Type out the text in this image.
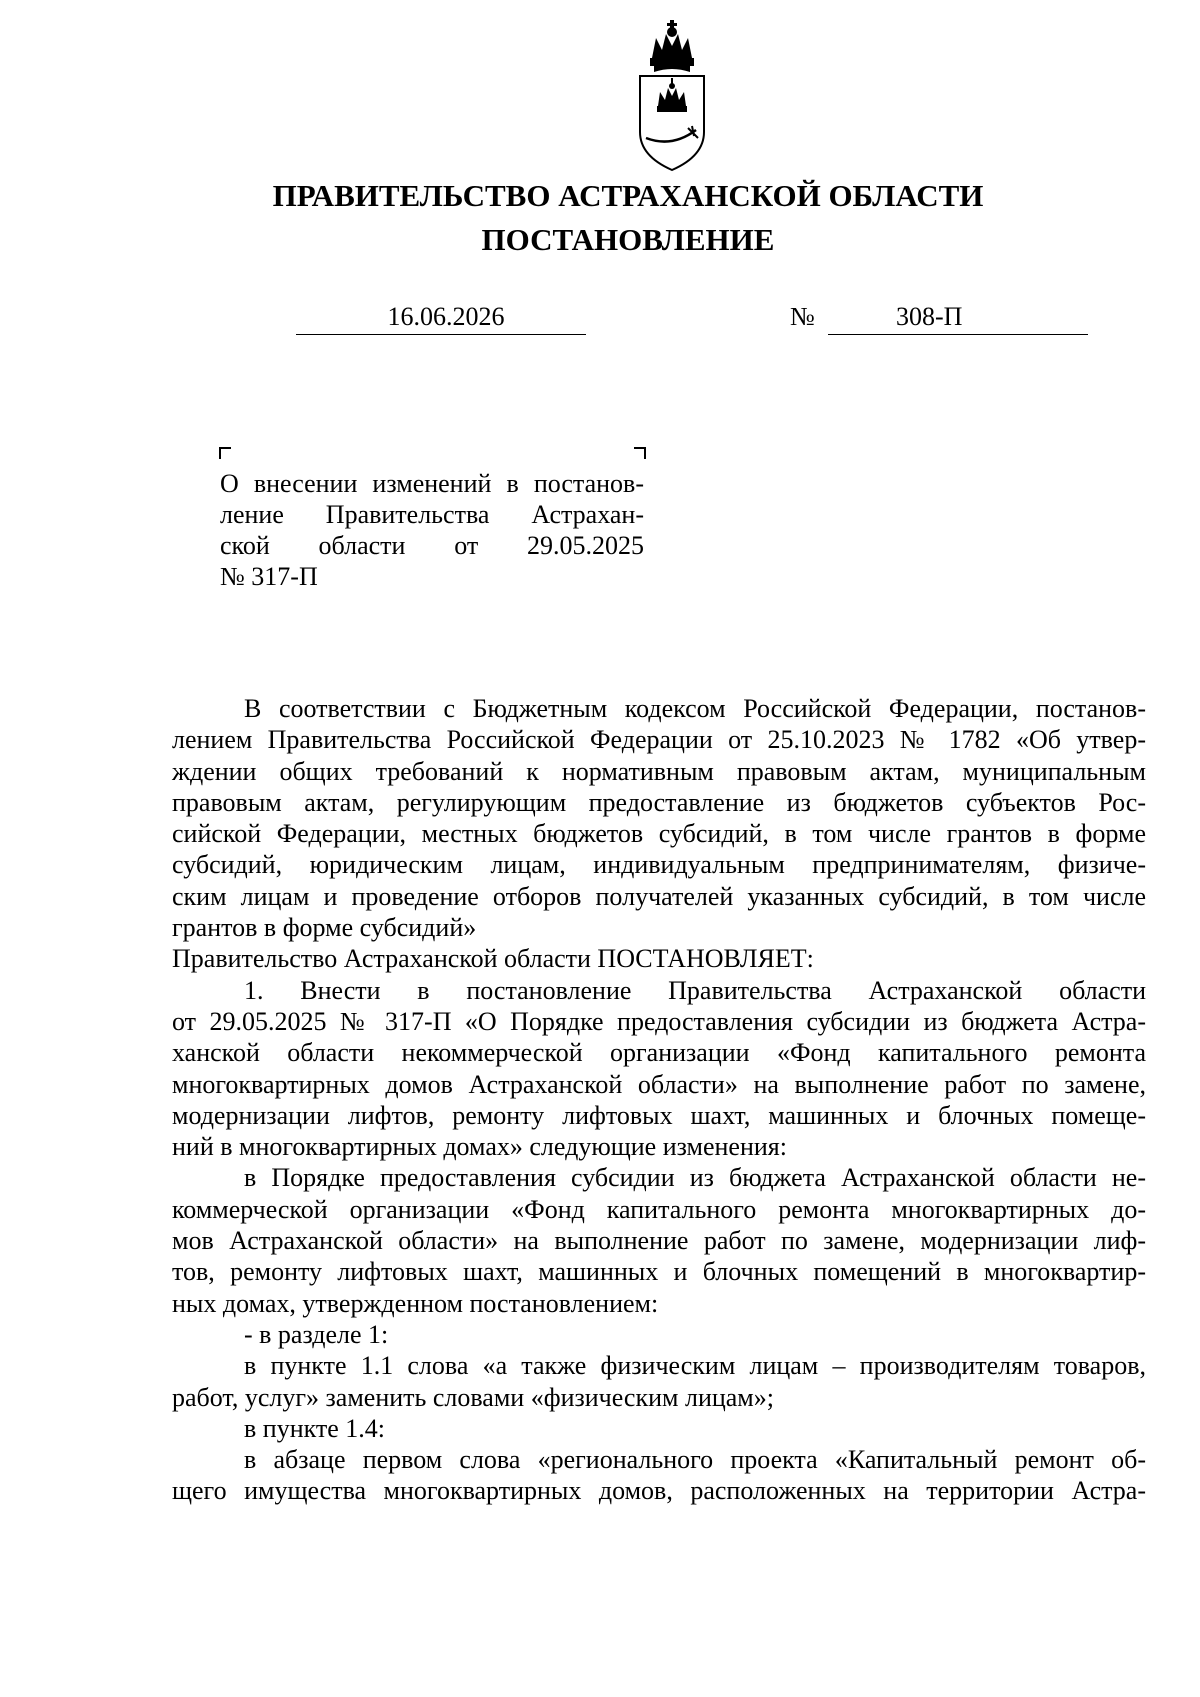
ПРАВИТЕЛЬСТВО АСТРАХАНСКОЙ ОБЛАСТИ
ПОСТАНОВЛЕНИЕ
16.06.2026	№	308-П
О внесении изменений в постанов-
ление Правительства Астрахан-
ской области от 29.05.2025
№ 317-П
В соответствии с Бюджетным кодексом Российской Федерации, постанов-
лением Правительства Российской Федерации от 25.10.2023 № 1782 «Об утвер-
ждении общих требований к нормативным правовым актам, муниципальным
правовым актам, регулирующим предоставление из бюджетов субъектов Рос-
сийской Федерации, местных бюджетов субсидий, в том числе грантов в форме
субсидий, юридическим лицам, индивидуальным предпринимателям, физиче-
ским лицам и проведение отборов получателей указанных субсидий, в том числе
грантов в форме субсидий»
Правительство Астраханской области ПОСТАНОВЛЯЕТ:
1. Внести в постановление Правительства Астраханской области
от 29.05.2025 № 317-П «О Порядке предоставления субсидии из бюджета Астра-
ханской области некоммерческой организации «Фонд капитального ремонта
многоквартирных домов Астраханской области» на выполнение работ по замене,
модернизации лифтов, ремонту лифтовых шахт, машинных и блочных помеще-
ний в многоквартирных домах» следующие изменения:
в Порядке предоставления субсидии из бюджета Астраханской области не-
коммерческой организации «Фонд капитального ремонта многоквартирных до-
мов Астраханской области» на выполнение работ по замене, модернизации лиф-
тов, ремонту лифтовых шахт, машинных и блочных помещений в многоквартир-
ных домах, утвержденном постановлением:
- в разделе 1:
в пункте 1.1 слова «а также физическим лицам – производителям товаров,
работ, услуг» заменить словами «физическим лицам»;
в пункте 1.4:
в абзаце первом слова «регионального проекта «Капитальный ремонт об-
щего имущества многоквартирных домов, расположенных на территории Астра-
